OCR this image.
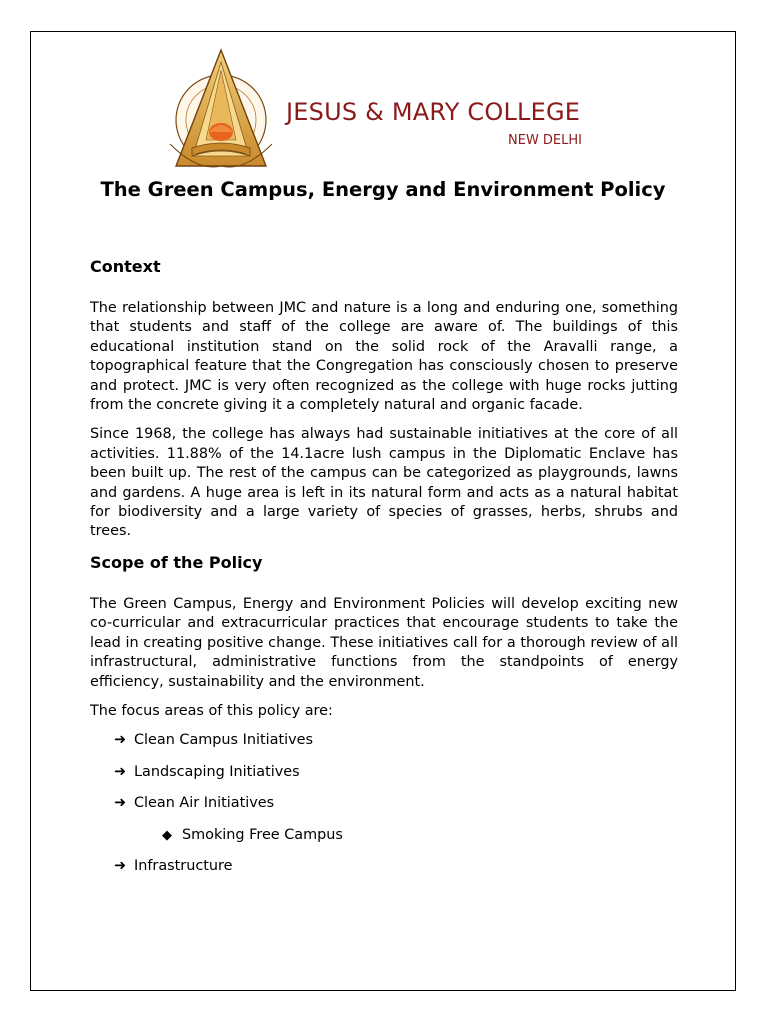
JESUS & MARY COLLEGE
NEW DELHI
The Green Campus, Energy and Environment Policy
Context

The relationship between JMC and nature is a long and enduring one, something that students and staff of the college are aware of. The buildings of this educational institution stand on the solid rock of the Aravalli range, a topographical feature that the Congregation has consciously chosen to preserve and protect. JMC is very often recognized as the college with huge rocks jutting from the concrete giving it a completely natural and organic facade.

Since 1968, the college has always had sustainable initiatives at the core of all activities. 11.88% of the 14.1acre lush campus in the Diplomatic Enclave has been built up. The rest of the campus can be categorized as playgrounds, lawns and gardens. A huge area is left in its natural form and acts as a natural habitat for biodiversity and a large variety of species of grasses, herbs, shrubs and trees.

Scope of the Policy

The Green Campus, Energy and Environment Policies will develop exciting new co-curricular and extracurricular practices that encourage students to take the lead in creating positive change. These initiatives call for a thorough review of all infrastructural, administrative functions from the standpoints of energy efficiency, sustainability and the environment.

The focus areas of this policy are:

➜ Clean Campus Initiatives
➜ Landscaping Initiatives
➜ Clean Air Initiatives
◆ Smoking Free Campus
➜ Infrastructure
